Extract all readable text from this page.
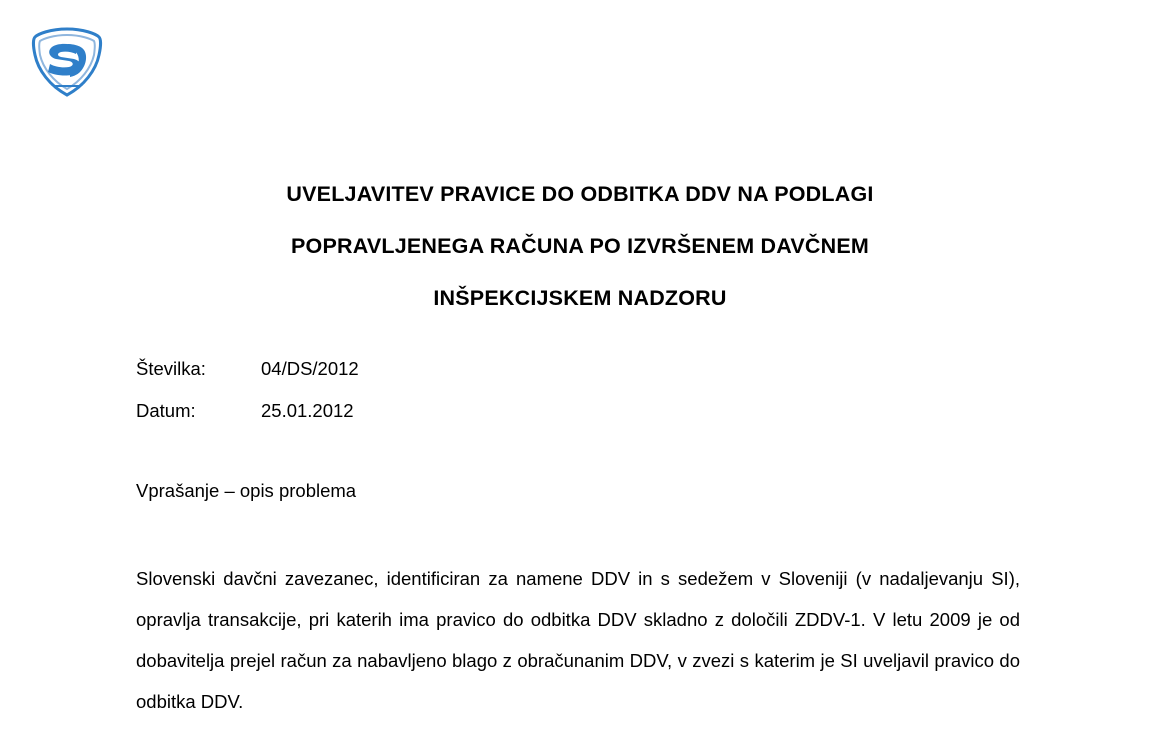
UVELJAVITEV PRAVICE DO ODBITKA DDV NA PODLAGI
POPRAVLJENEGA RAČUNA PO IZVRŠENEM DAVČNEM
INŠPEKCIJSKEM NADZORU
Številka:	04/DS/2012
Datum:	25.01.2012
Vprašanje – opis problema

Slovenski davčni zavezanec, identificiran za namene DDV in s sedežem v Sloveniji (v nadaljevanju SI), opravlja transakcije, pri katerih ima pravico do odbitka DDV skladno z določili ZDDV-1. V letu 2009 je od dobavitelja prejel račun za nabavljeno blago z obračunanim DDV, v zvezi s katerim je SI uveljavil pravico do odbitka DDV.
